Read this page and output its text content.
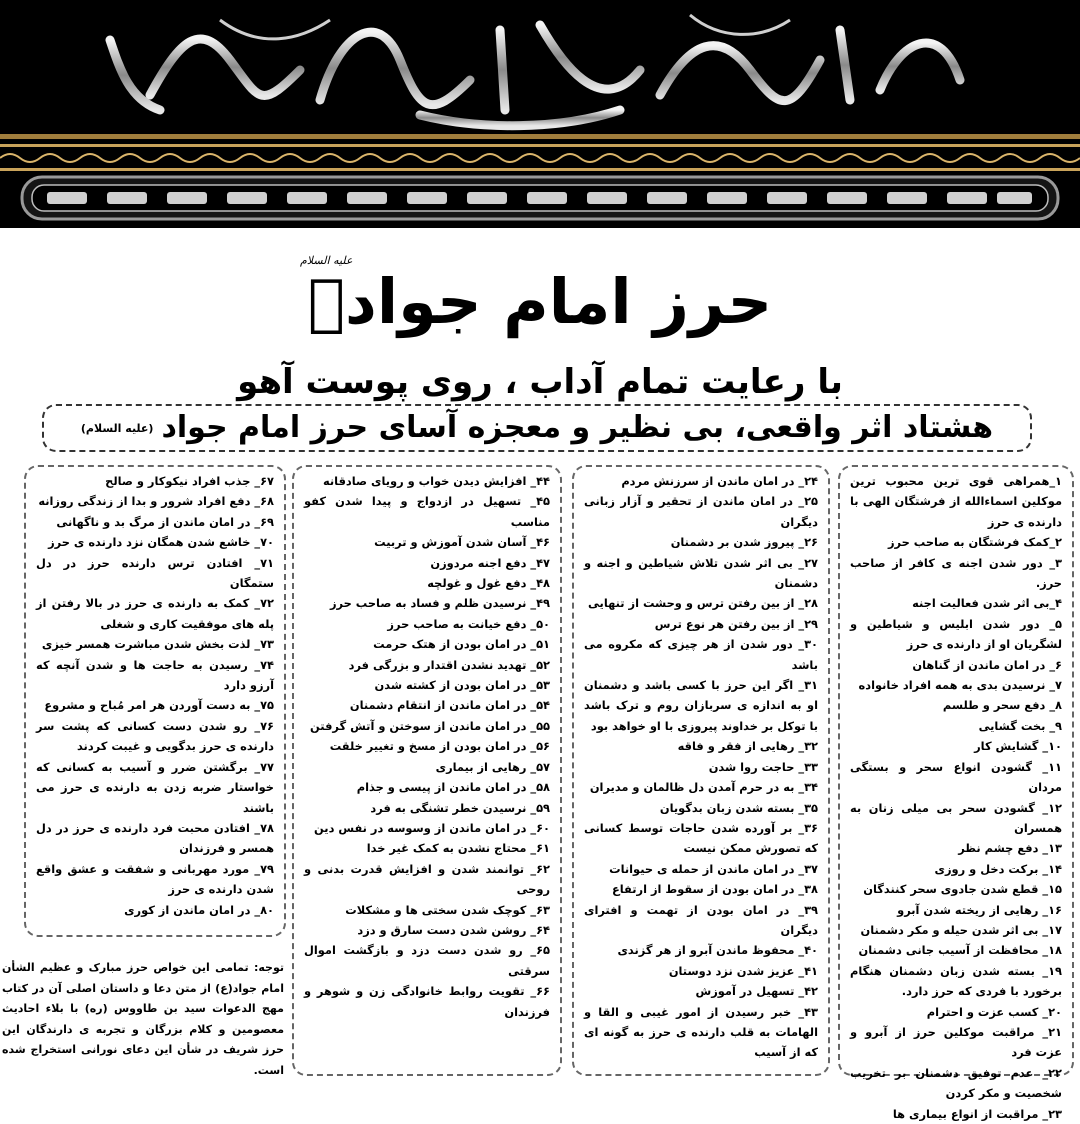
علیه السلام
حرز امام جوادؑ
با رعایت تمام آداب ، روی پوست آهو
هشتاد اثر واقعی، بی نظیر و معجزه آسای حرز امام جواد(علیه السلام)
۱_همراهی قوی ترین محبوب ترین موکلین اسماءالله از فرشتگان الهی با دارنده ی حرز
۲_کمک فرشتگان به صاحب حرز
۳_ دور شدن اجنه ی کافر از صاحب حرز.
۴_بی اثر شدن فعالیت اجنه
۵_ دور شدن ابلیس و شیاطین و لشگریان او از دارنده ی حرز
۶_ در امان ماندن از گناهان
۷_ نرسیدن بدی به همه افراد خانواده
۸_ دفع سحر و طلسم
۹_ بخت گشایی
۱۰_ گشایش کار
۱۱_ گشودن انواع سحر و بستگی مردان
۱۲_ گشودن سحر بی میلی زنان به همسران
۱۳_ دفع چشم نظر
۱۴_ برکت دخل و روزی
۱۵_ قطع شدن جادوی سحر کنندگان
۱۶_ رهایی از ریخته شدن آبرو
۱۷_ بی اثر شدن حیله و مکر دشمنان
۱۸_ محافظت از آسیب جانی دشمنان
۱۹_ بسته شدن زبان دشمنان هنگام برخورد با فردی که حرز دارد.
۲۰_ کسب عزت و احترام
۲۱_ مراقبت موکلین حرز از آبرو و عزت فرد
۲۲_ عدم توفیق دشمنان بر تخریب شخصیت و مکر کردن
۲۳_ مراقبت از انواع بیماری ها
۲۴_ در امان ماندن از سرزنش مردم
۲۵_ در امان ماندن از تحقیر و آزار زبانی دیگران
۲۶_ پیروز شدن بر دشمنان
۲۷_ بی اثر شدن تلاش شیاطین و اجنه و دشمنان
۲۸_ از بین رفتن ترس و وحشت از تنهایی
۲۹_ از بین رفتن هر نوع ترس
۳۰_ دور شدن از هر چیزی که مکروه می باشد
۳۱_ اگر این حرز با کسی باشد و دشمنان او به اندازه ی سربازان روم و ترک باشد با توکل بر خداوند پیروزی با او خواهد بود
۳۲_ رهایی از فقر و فاقه
۳۳_ حاجت روا شدن
۳۴_ به در حرم آمدن دل ظالمان و مدیران
۳۵_ بسته شدن زبان بدگویان
۳۶_ بر آورده شدن حاجات توسط کسانی که تصورش ممکن نیست
۳۷_ در امان ماندن از حمله ی حیوانات
۳۸_ در امان بودن از سقوط از ارتفاع
۳۹_ در امان بودن از تهمت و افترای دیگران
۴۰_ محفوظ ماندن آبرو از هر گزندی
۴۱_ عزیز شدن نزد دوستان
۴۲_ تسهیل در آموزش
۴۳_ خبر رسیدن از امور غیبی و القا و الهامات به قلب دارنده ی حرز به گونه ای که از آسیب
۴۴_ افزایش دیدن خواب و رویای صادقانه
۴۵_ تسهیل در ازدواج و پیدا شدن کفو مناسب
۴۶_ آسان شدن آموزش و تربیت
۴۷_ دفع اجنه مردوزن
۴۸_ دفع غول و غولچه
۴۹_ نرسیدن ظلم و فساد به صاحب حرز
۵۰_ دفع خیانت به صاحب حرز
۵۱_ در امان بودن از هتک حرمت
۵۲_ تهدید نشدن اقتدار و بزرگی فرد
۵۳_ در امان بودن از کشته شدن
۵۴_ در امان ماندن از انتقام دشمنان
۵۵_ در امان ماندن از سوختن و آتش گرفتن
۵۶_ در امان بودن از مسخ و تغییر خلقت
۵۷_ رهایی از بیماری
۵۸_ در امان ماندن از پیسی و جذام
۵۹_ نرسیدن خطر تشنگی به فرد
۶۰_ در امان ماندن از وسوسه در نفس دین
۶۱_ محتاج نشدن به کمک غیر خدا
۶۲_ توانمند شدن و افزایش قدرت بدنی و روحی
۶۳_ کوچک شدن سختی ها و مشکلات
۶۴_ روشن شدن دست سارق و دزد
۶۵_ رو شدن دست دزد و بازگشت اموال سرقتی
۶۶_ تقویت روابط خانوادگی زن و شوهر و فرزندان
۶۷_ جذب افراد نیکوکار و صالح
۶۸_ دفع افراد شرور و بدا از زندگی روزانه
۶۹_ در امان ماندن از مرگ بد و ناگهانی
۷۰_ خاشع شدن همگان نزد دارنده ی حرز
۷۱_ افتادن ترس دارنده حرز در دل ستمگان
۷۲_ کمک به دارنده ی حرز در بالا رفتن از پله های موفقیت کاری و شغلی
۷۳_ لذت بخش شدن مباشرت همسر خیزی
۷۴_ رسیدن به حاجت ها و شدن آنچه که آرزو دارد
۷۵_ به دست آوردن هر امر مُباح و مشروع
۷۶_ رو شدن دست کسانی که پشت سر دارنده ی حرز بدگویی و غیبت کردند
۷۷_ برگشتن ضرر و آسیب به کسانی که خواستار ضربه زدن به دارنده ی حرز می باشند
۷۸_ افتادن محبت فرد دارنده ی حرز در دل همسر و فرزندان
۷۹_ مورد مهربانی و شفقت و عشق واقع شدن دارنده ی حرز
۸۰_ در امان ماندن از کوری
توجه: تمامی این خواص حرز مبارک و عظیم الشأن امام جواد(ع) از متن دعا و داستان اصلی آن در کتاب مهج الدعوات سید بن طاووس (ره) با بلاء احادیث معصومین و کلام بزرگان و تجربه ی دارندگان این حرز شریف در شأن این دعای نورانی استخراج شده است.
